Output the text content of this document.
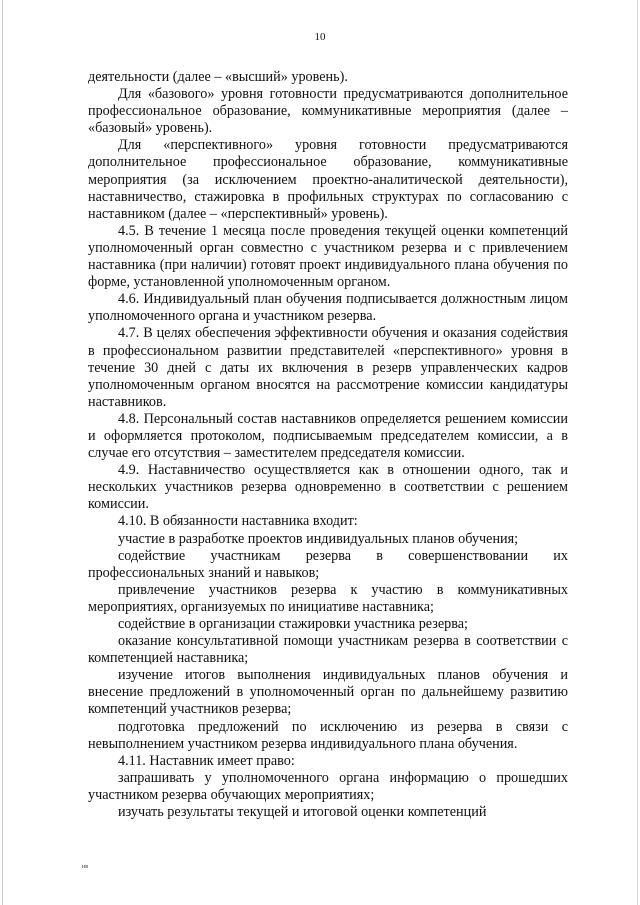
10

деятельности (далее – «высший» уровень).

Для «базового» уровня готовности предусматриваются дополнительное профессиональное образование, коммуникативные мероприятия (далее – «базовый» уровень).

Для «перспективного» уровня готовности предусматриваются дополнительное профессиональное образование, коммуникативные мероприятия (за исключением проектно-аналитической деятельности), наставничество, стажировка в профильных структурах по согласованию с наставником (далее – «перспективный» уровень).

4.5. В течение 1 месяца после проведения текущей оценки компетенций уполномоченный орган совместно с участником резерва и с привлечением наставника (при наличии) готовят проект индивидуального плана обучения по форме, установленной уполномоченным органом.

4.6. Индивидуальный план обучения подписывается должностным лицом уполномоченного органа и участником резерва.

4.7. В целях обеспечения эффективности обучения и оказания содействия в профессиональном развитии представителей «перспективного» уровня в течение 30 дней с даты их включения в резерв управленческих кадров уполномоченным органом вносятся на рассмотрение комиссии кандидатуры наставников.

4.8. Персональный состав наставников определяется решением комиссии и оформляется протоколом, подписываемым председателем комиссии, а в случае его отсутствия – заместителем председателя комиссии.

4.9. Наставничество осуществляется как в отношении одного, так и нескольких участников резерва одновременно в соответствии с решением комиссии.

4.10. В обязанности наставника входит:

участие в разработке проектов индивидуальных планов обучения;

содействие участникам резерва в совершенствовании их профессиональных знаний и навыков;

привлечение участников резерва к участию в коммуникативных мероприятиях, организуемых по инициативе наставника;

содействие в организации стажировки участника резерва;

оказание консультативной помощи участникам резерва в соответствии с компетенцией наставника;

изучение итогов выполнения индивидуальных планов обучения и внесение предложений в уполномоченный орган по дальнейшему развитию компетенций участников резерва;

подготовка предложений по исключению из резерва в связи с невыполнением участником резерва индивидуального плана обучения.

4.11. Наставник имеет право:

запрашивать у уполномоченного органа информацию о прошедших участником резерва обучающих мероприятиях;

изучать результаты текущей и итоговой оценки компетенций

нв
